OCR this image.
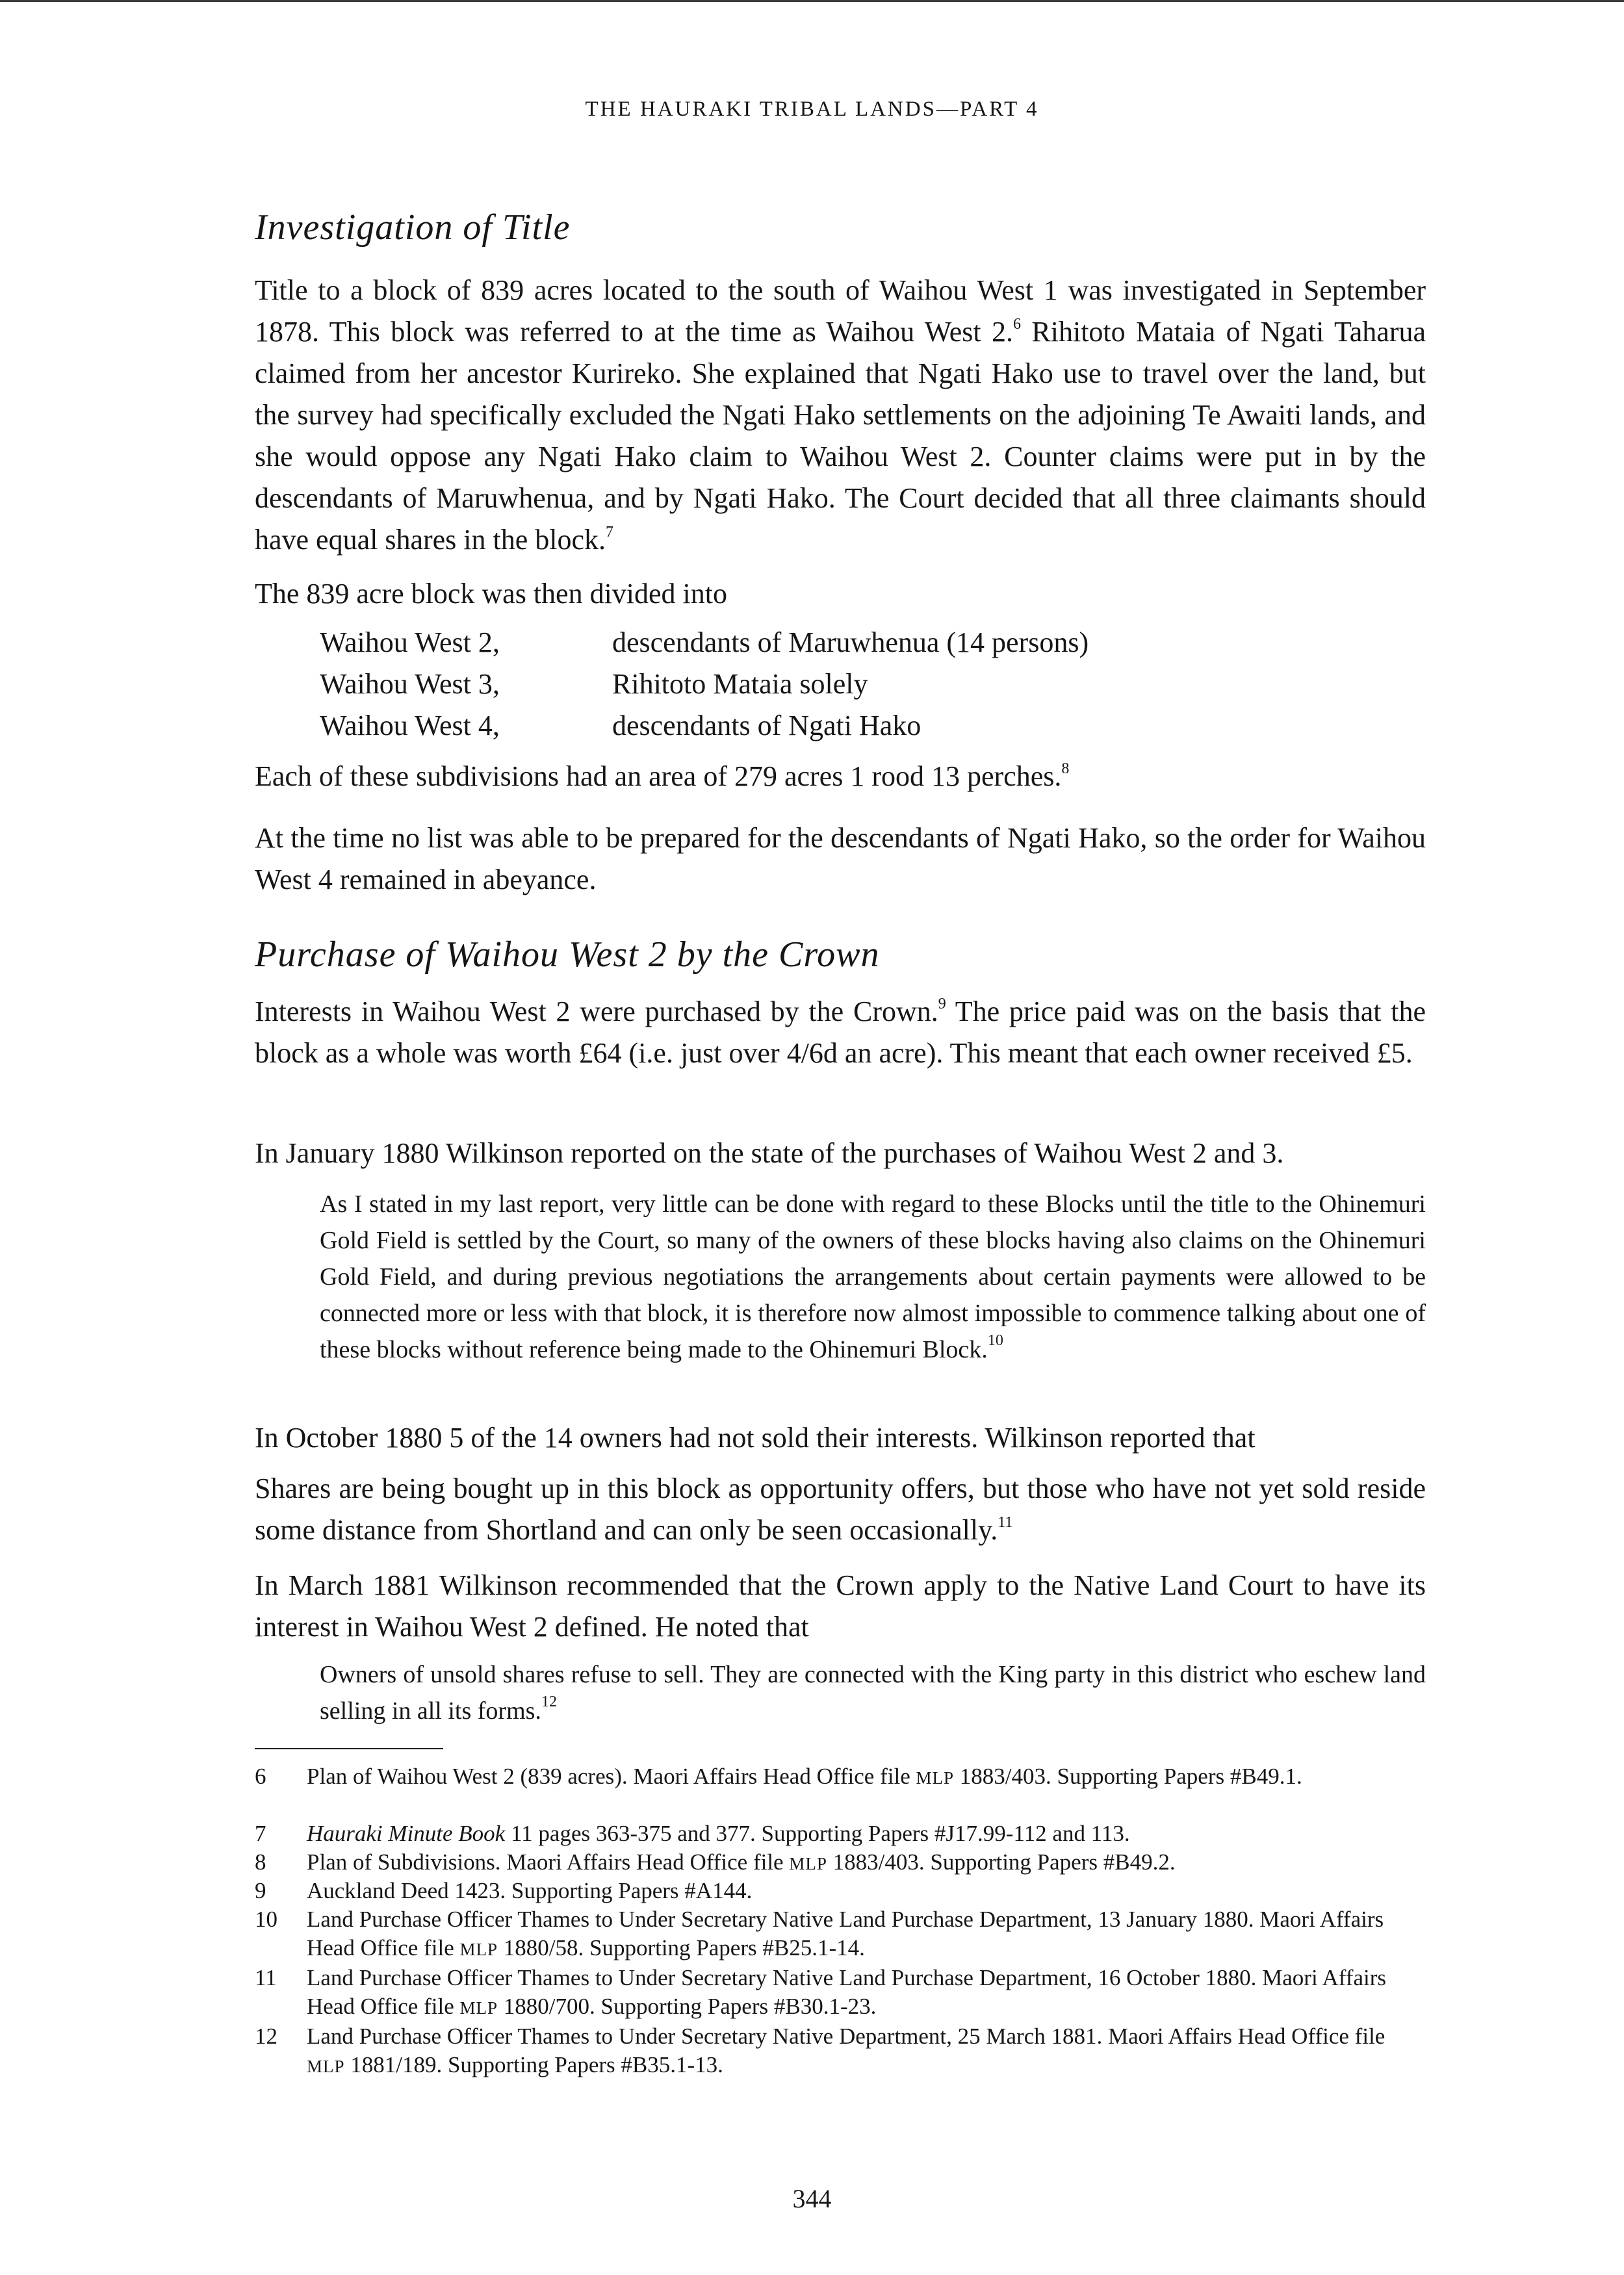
THE HAURAKI TRIBAL LANDS—PART 4
Investigation of Title
Title to a block of 839 acres located to the south of Waihou West 1 was investigated in September 1878. This block was referred to at the time as Waihou West 2.$^6$ Rihitoto Mataia of Ngati Taharua claimed from her ancestor Kurireko. She explained that Ngati Hako use to travel over the land, but the survey had specifically excluded the Ngati Hako settlements on the adjoining Te Awaiti lands, and she would oppose any Ngati Hako claim to Waihou West 2. Counter claims were put in by the descendants of Maruwhenua, and by Ngati Hako. The Court decided that all three claimants should have equal shares in the block.$^7$
The 839 acre block was then divided into
Waihou West 2,	descendants of Maruwhenua (14 persons)
Waihou West 3,	Rihitoto Mataia solely
Waihou West 4,	descendants of Ngati Hako
Each of these subdivisions had an area of 279 acres 1 rood 13 perches.$^8$
At the time no list was able to be prepared for the descendants of Ngati Hako, so the order for Waihou West 4 remained in abeyance.
Purchase of Waihou West 2 by the Crown
Interests in Waihou West 2 were purchased by the Crown.$^9$ The price paid was on the basis that the block as a whole was worth £64 (i.e. just over 4/6d an acre). This meant that each owner received £5.
In January 1880 Wilkinson reported on the state of the purchases of Waihou West 2 and 3.
As I stated in my last report, very little can be done with regard to these Blocks until the title to the Ohinemuri Gold Field is settled by the Court, so many of the owners of these blocks having also claims on the Ohinemuri Gold Field, and during previous negotiations the arrangements about certain payments were allowed to be connected more or less with that block, it is therefore now almost impossible to commence talking about one of these blocks without reference being made to the Ohinemuri Block.$^{10}$
In October 1880 5 of the 14 owners had not sold their interests. Wilkinson reported that
Shares are being bought up in this block as opportunity offers, but those who have not yet sold reside some distance from Shortland and can only be seen occasionally.$^{11}$
In March 1881 Wilkinson recommended that the Crown apply to the Native Land Court to have its interest in Waihou West 2 defined. He noted that
Owners of unsold shares refuse to sell. They are connected with the King party in this district who eschew land selling in all its forms.$^{12}$
6	Plan of Waihou West 2 (839 acres). Maori Affairs Head Office file MLP 1883/403. Supporting Papers #B49.1.
7	Hauraki Minute Book 11 pages 363-375 and 377. Supporting Papers #J17.99-112 and 113.
8	Plan of Subdivisions. Maori Affairs Head Office file MLP 1883/403. Supporting Papers #B49.2.
9	Auckland Deed 1423. Supporting Papers #A144.
10	Land Purchase Officer Thames to Under Secretary Native Land Purchase Department, 13 January 1880. Maori Affairs Head Office file MLP 1880/58. Supporting Papers #B25.1-14.
11	Land Purchase Officer Thames to Under Secretary Native Land Purchase Department, 16 October 1880. Maori Affairs Head Office file MLP 1880/700. Supporting Papers #B30.1-23.
12	Land Purchase Officer Thames to Under Secretary Native Department, 25 March 1881. Maori Affairs Head Office file MLP 1881/189. Supporting Papers #B35.1-13.
344
